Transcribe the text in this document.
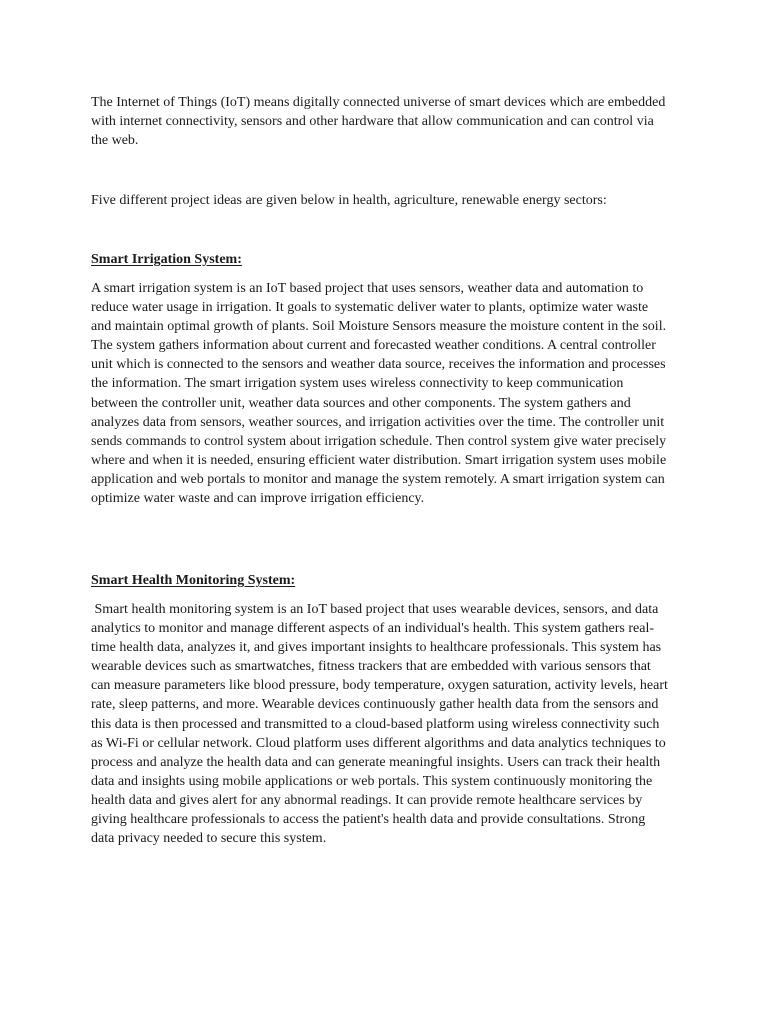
The Internet of Things (IoT) means digitally connected universe of smart devices which are embedded with internet connectivity, sensors and other hardware that allow communication and can control via the web.

Five different project ideas are given below in health, agriculture, renewable energy sectors:

Smart Irrigation System:

A smart irrigation system is an IoT based project that uses sensors, weather data and automation to reduce water usage in irrigation. It goals to systematic deliver water to plants, optimize water waste and maintain optimal growth of plants. Soil Moisture Sensors measure the moisture content in the soil. The system gathers information about current and forecasted weather conditions. A central controller unit which is connected to the sensors and weather data source, receives the information and processes the information. The smart irrigation system uses wireless connectivity to keep communication between the controller unit, weather data sources and other components. The system gathers and analyzes data from sensors, weather sources, and irrigation activities over the time. The controller unit sends commands to control system about irrigation schedule. Then control system give water precisely where and when it is needed, ensuring efficient water distribution. Smart irrigation system uses mobile application and web portals to monitor and manage the system remotely. A smart irrigation system can optimize water waste and can improve irrigation efficiency.

Smart Health Monitoring System:

Smart health monitoring system is an IoT based project that uses wearable devices, sensors, and data analytics to monitor and manage different aspects of an individual's health. This system gathers real-time health data, analyzes it, and gives important insights to healthcare professionals. This system has wearable devices such as smartwatches, fitness trackers that are embedded with various sensors that can measure parameters like blood pressure, body temperature, oxygen saturation, activity levels, heart rate, sleep patterns, and more. Wearable devices continuously gather health data from the sensors and this data is then processed and transmitted to a cloud-based platform using wireless connectivity such as Wi-Fi or cellular network. Cloud platform uses different algorithms and data analytics techniques to process and analyze the health data and can generate meaningful insights. Users can track their health data and insights using mobile applications or web portals. This system continuously monitoring the health data and gives alert for any abnormal readings. It can provide remote healthcare services by giving healthcare professionals to access the patient's health data and provide consultations. Strong data privacy needed to secure this system.
